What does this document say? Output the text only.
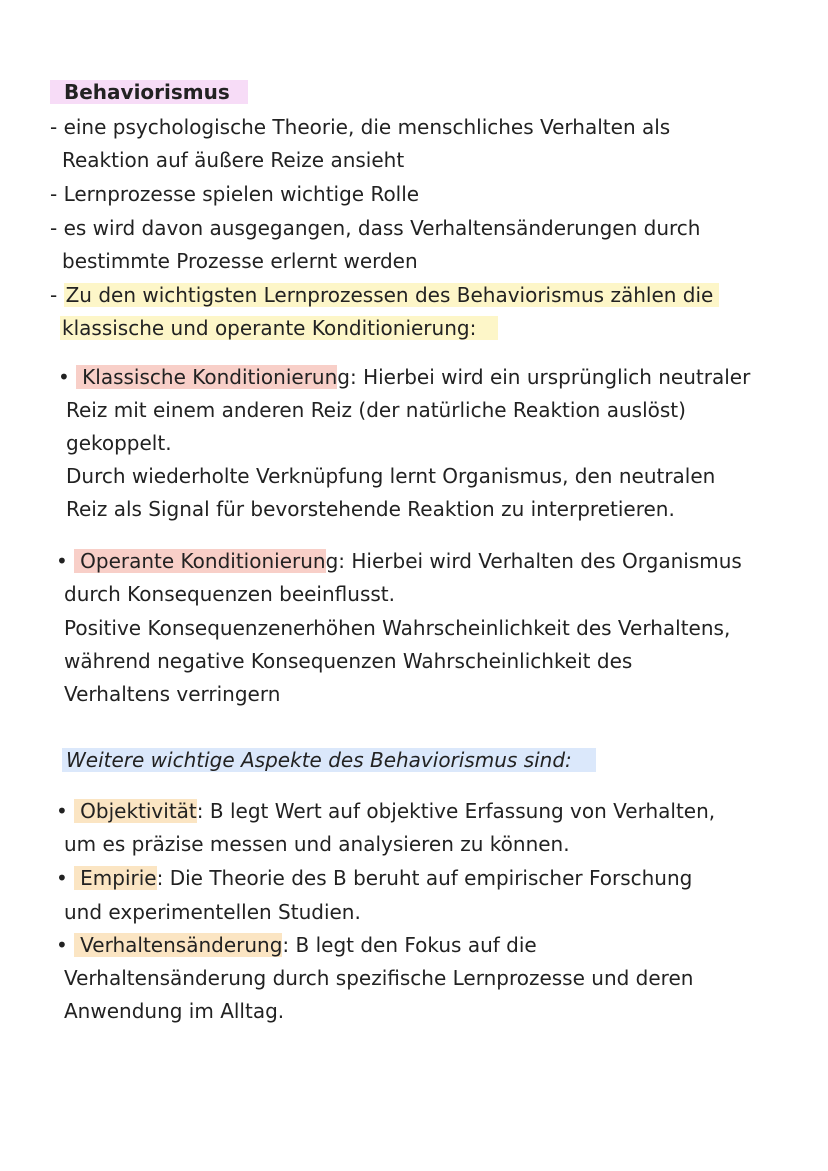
Behaviorismus
- eine psychologische Theorie, die menschliches Verhalten als
Reaktion auf äußere Reize ansieht
- Lernprozesse spielen wichtige Rolle
- es wird davon ausgegangen, dass Verhaltensänderungen durch
bestimmte Prozesse erlernt werden
- Zu den wichtigsten Lernprozessen des Behaviorismus zählen die
klassische und operante Konditionierung:
• Klassische Konditionierung: Hierbei wird ein ursprünglich neutraler
Reiz mit einem anderen Reiz (der natürliche Reaktion auslöst)
gekoppelt.
Durch wiederholte Verknüpfung lernt Organismus, den neutralen
Reiz als Signal für bevorstehende Reaktion zu interpretieren.
• Operante Konditionierung: Hierbei wird Verhalten des Organismus
durch Konsequenzen beeinflusst.
Positive Konsequenzenerhöhen Wahrscheinlichkeit des Verhaltens,
während negative Konsequenzen Wahrscheinlichkeit des
Verhaltens verringern
Weitere wichtige Aspekte des Behaviorismus sind:
• Objektivität: B legt Wert auf objektive Erfassung von Verhalten,
um es präzise messen und analysieren zu können.
• Empirie: Die Theorie des B beruht auf empirischer Forschung
und experimentellen Studien.
• Verhaltensänderung: B legt den Fokus auf die
Verhaltensänderung durch spezifische Lernprozesse und deren
Anwendung im Alltag.
